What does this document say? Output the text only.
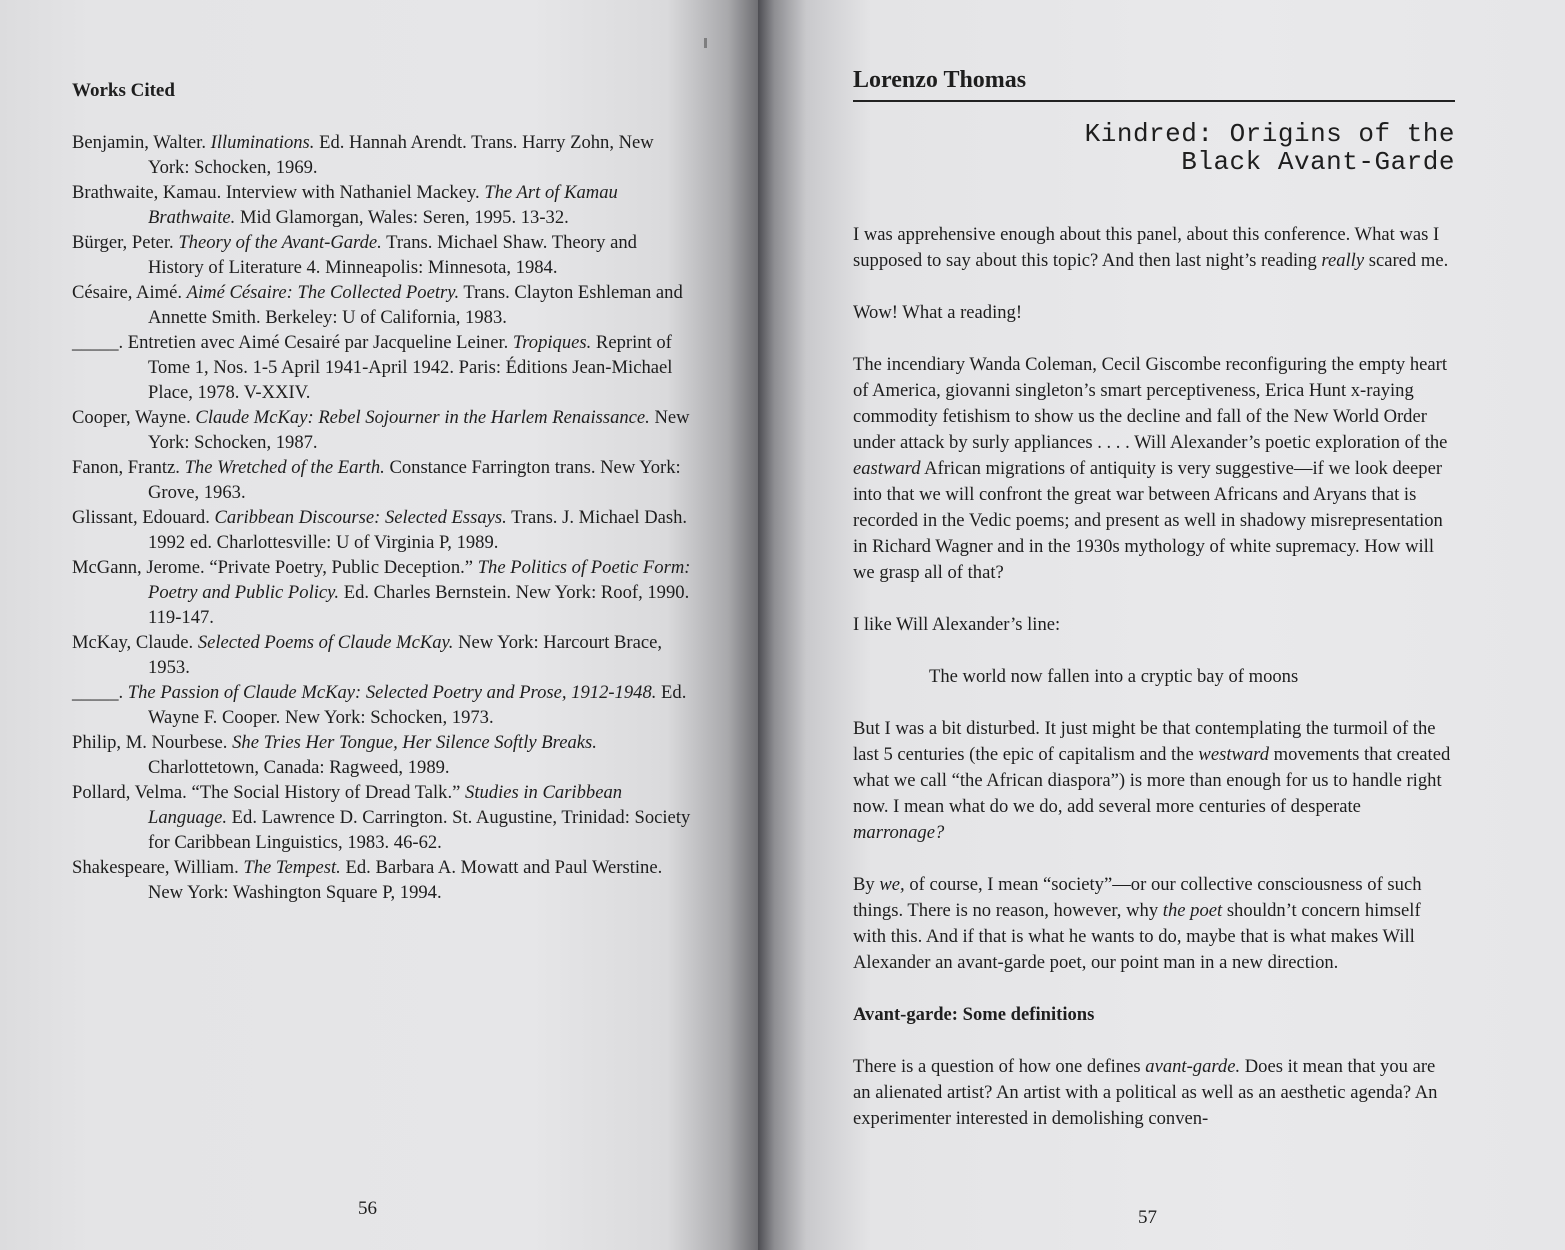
Works Cited

Benjamin, Walter. Illuminations. Ed. Hannah Arendt. Trans. Harry Zohn, New York: Schocken, 1969.

Brathwaite, Kamau. Interview with Nathaniel Mackey. The Art of Kamau Brathwaite. Mid Glamorgan, Wales: Seren, 1995. 13-32.

Bürger, Peter. Theory of the Avant-Garde. Trans. Michael Shaw. Theory and History of Literature 4. Minneapolis: Minnesota, 1984.

Césaire, Aimé. Aimé Césaire: The Collected Poetry. Trans. Clayton Eshleman and Annette Smith. Berkeley: U of California, 1983.

_____. Entretien avec Aimé Cesairé par Jacqueline Leiner. Tropiques. Reprint of Tome 1, Nos. 1-5 April 1941-April 1942. Paris: Éditions Jean-Michael Place, 1978. V-XXIV.

Cooper, Wayne. Claude McKay: Rebel Sojourner in the Harlem Renaissance. New York: Schocken, 1987.

Fanon, Frantz. The Wretched of the Earth. Constance Farrington trans. New York: Grove, 1963.

Glissant, Edouard. Caribbean Discourse: Selected Essays. Trans. J. Michael Dash. 1992 ed. Charlottesville: U of Virginia P, 1989.

McGann, Jerome. “Private Poetry, Public Deception.” The Politics of Poetic Form: Poetry and Public Policy. Ed. Charles Bernstein. New York: Roof, 1990. 119-147.

McKay, Claude. Selected Poems of Claude McKay. New York: Harcourt Brace, 1953.

_____. The Passion of Claude McKay: Selected Poetry and Prose, 1912-1948. Ed. Wayne F. Cooper. New York: Schocken, 1973.

Philip, M. Nourbese. She Tries Her Tongue, Her Silence Softly Breaks. Charlottetown, Canada: Ragweed, 1989.

Pollard, Velma. “The Social History of Dread Talk.” Studies in Caribbean Language. Ed. Lawrence D. Carrington. St. Augustine, Trinidad: Society for Caribbean Linguistics, 1983. 46-62.

Shakespeare, William. The Tempest. Ed. Barbara A. Mowatt and Paul Werstine. New York: Washington Square P, 1994.

56
Lorenzo Thomas
Kindred: Origins of the
Black Avant-Garde

I was apprehensive enough about this panel, about this conference. What was I supposed to say about this topic? And then last night’s reading really scared me.

Wow! What a reading!

The incendiary Wanda Coleman, Cecil Giscombe reconfiguring the empty heart of America, giovanni singleton’s smart perceptiveness, Erica Hunt x-raying commodity fetishism to show us the decline and fall of the New World Order under attack by surly appliances . . . . Will Alexander’s poetic exploration of the eastward African migrations of antiquity is very suggestive—if we look deeper into that we will confront the great war between Africans and Aryans that is recorded in the Vedic poems; and present as well in shadowy misrepresentation in Richard Wagner and in the 1930s mythology of white supremacy. How will we grasp all of that?

I like Will Alexander’s line:

The world now fallen into a cryptic bay of moons

But I was a bit disturbed. It just might be that contemplating the turmoil of the last 5 centuries (the epic of capitalism and the westward movements that created what we call “the African diaspora”) is more than enough for us to handle right now. I mean what do we do, add several more centuries of desperate marronage?

By we, of course, I mean “society”—or our collective consciousness of such things. There is no reason, however, why the poet shouldn’t concern himself with this. And if that is what he wants to do, maybe that is what makes Will Alexander an avant-garde poet, our point man in a new direction.

Avant-garde: Some definitions

There is a question of how one defines avant-garde. Does it mean that you are an alienated artist? An artist with a political as well as an aesthetic agenda? An experimenter interested in demolishing conven-

57
